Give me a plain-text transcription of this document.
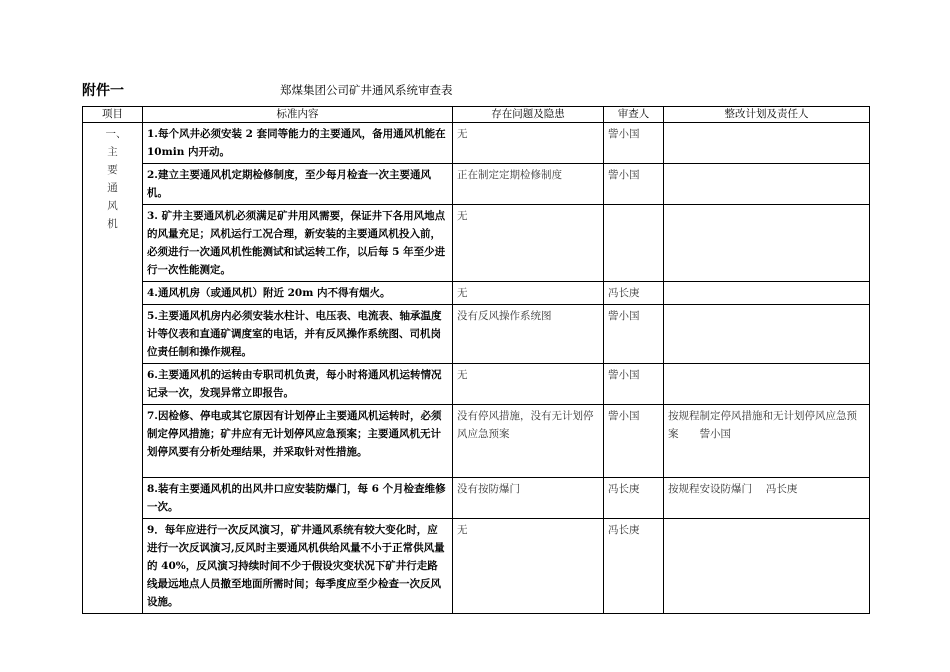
附件一	郑煤集团公司矿井通风系统审查表
项目	标准内容	存在问题及隐患	审查人	整改计划及责任人
一、主要通风机	1.每个风井必须安装 2 套同等能力的主要通风，备用通风机能在 10min 内开动。	无	訾小国	
	2.建立主要通风机定期检修制度，至少每月检查一次主要通风机。	正在制定定期检修制度	訾小国	
	3. 矿井主要通风机必须满足矿井用风需要，保证井下各用风地点的风量充足；风机运行工况合理，新安装的主要通风机投入前，必须进行一次通风机性能测试和试运转工作，以后每 5 年至少进行一次性能测定。	无		
	4.通风机房（或通风机）附近 20m 内不得有烟火。	无	冯长庚	
	5.主要通风机房内必须安装水柱计、电压表、电流表、轴承温度计等仪表和直通矿调度室的电话，并有反风操作系统图、司机岗位责任制和操作规程。	没有反风操作系统图	訾小国	
	6.主要通风机的运转由专职司机负责，每小时将通风机运转情况记录一次，发现异常立即报告。	无	訾小国	
	7.因检修、停电或其它原因有计划停止主要通风机运转时，必须制定停风措施；矿井应有无计划停风应急预案；主要通风机无计划停风要有分析处理结果，并采取针对性措施。	没有停风措施，没有无计划停风应急预案	訾小国	按规程制定停风措施和无计划停风应急预案　　訾小国
	8.装有主要通风机的出风井口应安装防爆门，每 6 个月检查维修一次。	没有按防爆门	冯长庚	按规程安设防爆门　 冯长庚
	9．每年应进行一次反风演习，矿井通风系统有较大变化时，应进行一次反讽演习,反风时主要通风机供给风量不小于正常供风量的 40%，反风演习持续时间不少于假设灾变状况下矿井行走路线最远地点人员撤至地面所需时间；每季度应至少检查一次反风设施。	无	冯长庚	
